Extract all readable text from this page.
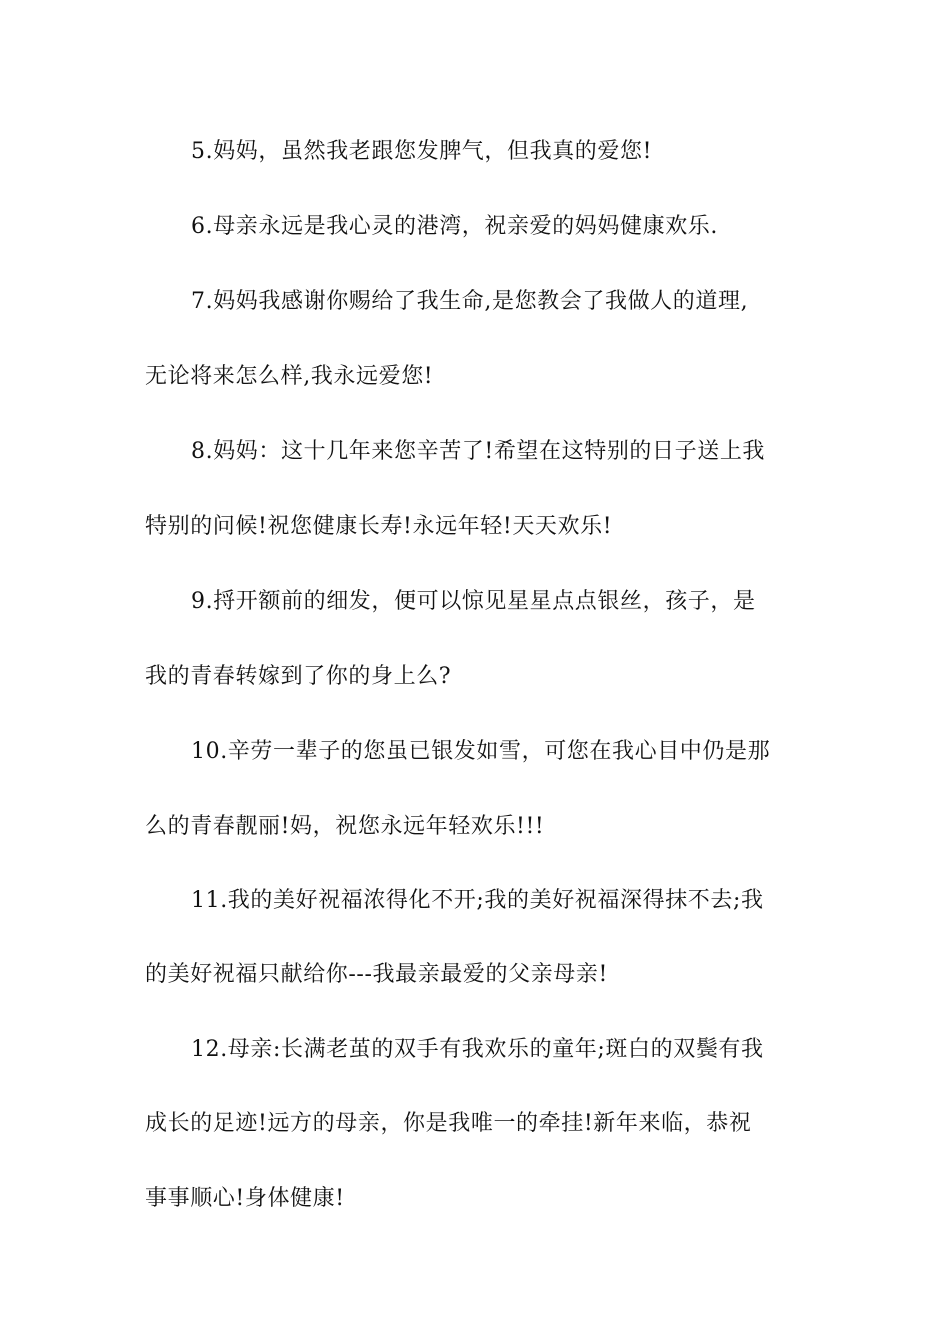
5.妈妈，虽然我老跟您发脾气，但我真的爱您!
6.母亲永远是我心灵的港湾，祝亲爱的妈妈健康欢乐.
7.妈妈我感谢你赐给了我生命,是您教会了我做人的道理,
无论将来怎么样,我永远爱您!
8.妈妈：这十几年来您辛苦了!希望在这特别的日子送上我
特别的问候!祝您健康长寿!永远年轻!天天欢乐!
9.捋开额前的细发，便可以惊见星星点点银丝，孩子，是
我的青春转嫁到了你的身上么?
10.辛劳一辈子的您虽已银发如雪，可您在我心目中仍是那
么的青春靓丽!妈，祝您永远年轻欢乐!!!
11.我的美好祝福浓得化不开;我的美好祝福深得抹不去;我
的美好祝福只献给你---我最亲最爱的父亲母亲!
12.母亲:长满老茧的双手有我欢乐的童年;斑白的双鬓有我
成长的足迹!远方的母亲，你是我唯一的牵挂!新年来临，恭祝
事事顺心!身体健康!
